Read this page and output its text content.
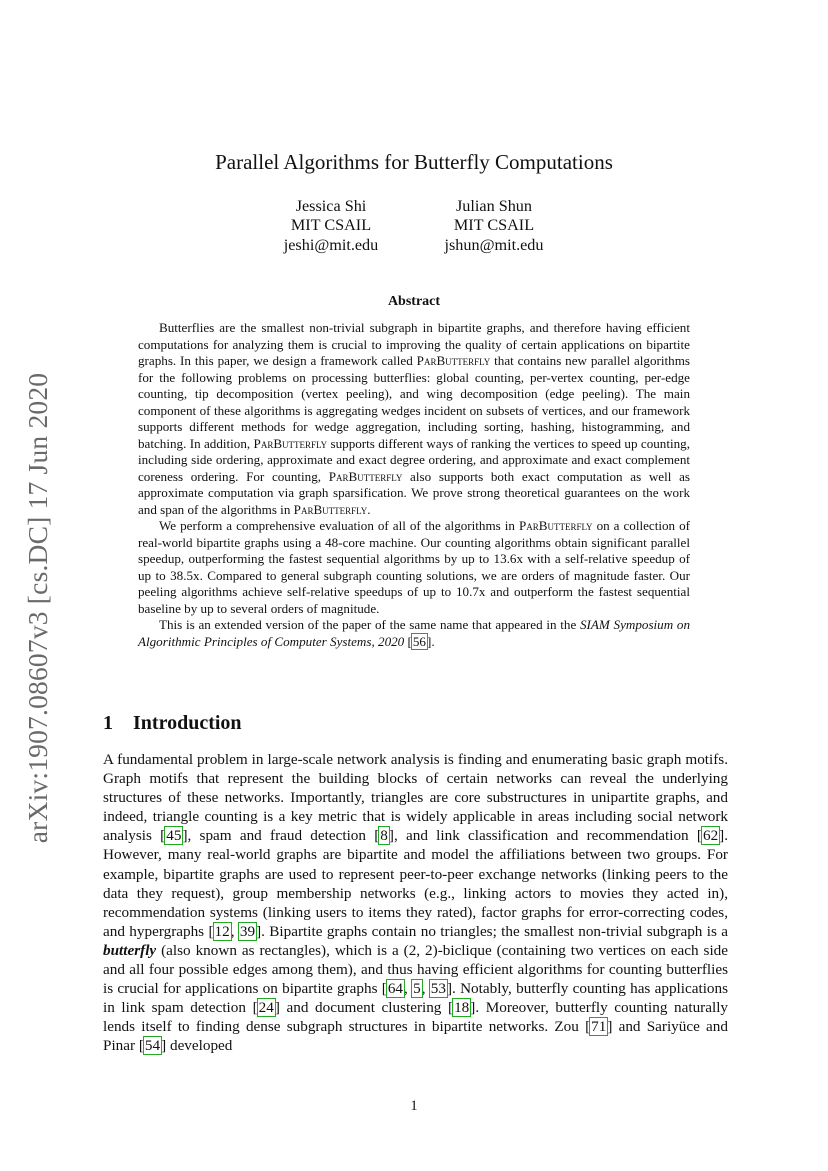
arXiv:1907.08607v3 [cs.DC] 17 Jun 2020
Parallel Algorithms for Butterfly Computations
Jessica Shi
MIT CSAIL
jeshi@mit.edu
Julian Shun
MIT CSAIL
jshun@mit.edu
Abstract

Butterflies are the smallest non-trivial subgraph in bipartite graphs, and therefore having efficient computations for analyzing them is crucial to improving the quality of certain applications on bipartite graphs. In this paper, we design a framework called ParButterfly that contains new parallel algorithms for the following problems on processing butterflies: global counting, per-vertex counting, per-edge counting, tip decomposition (vertex peeling), and wing decomposition (edge peeling). The main component of these algorithms is aggregating wedges incident on subsets of vertices, and our framework supports different methods for wedge aggregation, including sorting, hashing, histogramming, and batching. In addition, ParButterfly supports different ways of ranking the vertices to speed up counting, including side ordering, approximate and exact degree ordering, and approximate and exact complement coreness ordering. For counting, ParButterfly also supports both exact computation as well as approximate computation via graph sparsification. We prove strong theoretical guarantees on the work and span of the algorithms in ParButterfly.

We perform a comprehensive evaluation of all of the algorithms in ParButterfly on a collection of real-world bipartite graphs using a 48-core machine. Our counting algorithms obtain significant parallel speedup, outperforming the fastest sequential algorithms by up to 13.6x with a self-relative speedup of up to 38.5x. Compared to general subgraph counting solutions, we are orders of magnitude faster. Our peeling algorithms achieve self-relative speedups of up to 10.7x and outperform the fastest sequential baseline by up to several orders of magnitude.

This is an extended version of the paper of the same name that appeared in the SIAM Symposium on Algorithmic Principles of Computer Systems, 2020 [56].

1 Introduction

A fundamental problem in large-scale network analysis is finding and enumerating basic graph motifs. Graph motifs that represent the building blocks of certain networks can reveal the underlying structures of these networks. Importantly, triangles are core substructures in unipartite graphs, and indeed, triangle counting is a key metric that is widely applicable in areas including social network analysis [45], spam and fraud detection [8], and link classification and recommendation [62]. However, many real-world graphs are bipartite and model the affiliations between two groups. For example, bipartite graphs are used to represent peer-to-peer exchange networks (linking peers to the data they request), group membership networks (e.g., linking actors to movies they acted in), recommendation systems (linking users to items they rated), factor graphs for error-correcting codes, and hypergraphs [12, 39]. Bipartite graphs contain no triangles; the smallest non-trivial subgraph is a butterfly (also known as rectangles), which is a (2, 2)-biclique (containing two vertices on each side and all four possible edges among them), and thus having efficient algorithms for counting butterflies is crucial for applications on bipartite graphs [64, 5, 53]. Notably, butterfly counting has applications in link spam detection [24] and document clustering [18]. Moreover, butterfly counting naturally lends itself to finding dense subgraph structures in bipartite networks. Zou [71] and Sariyüce and Pinar [54] developed

1
